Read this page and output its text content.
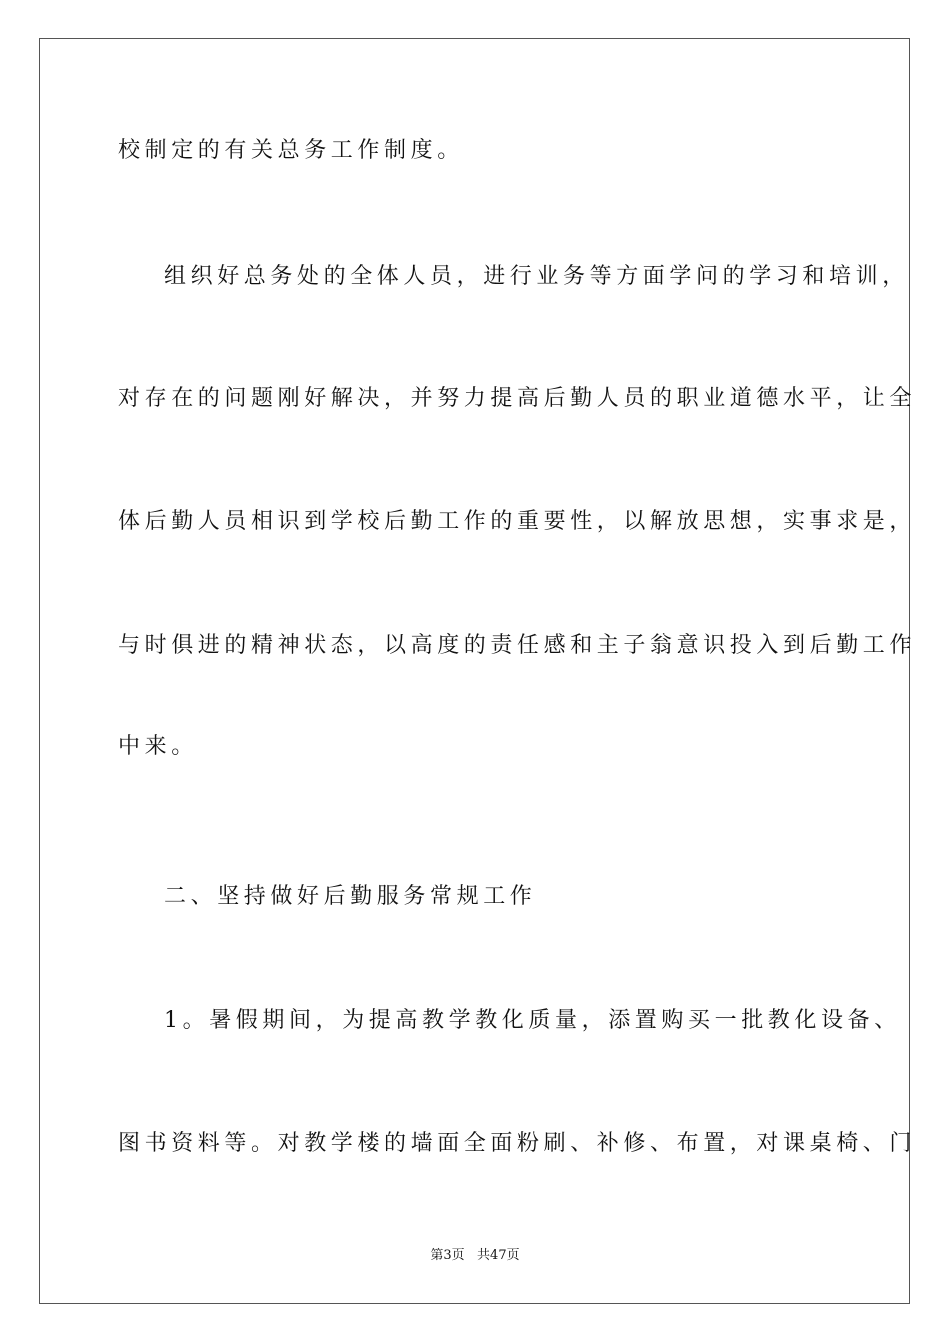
校制定的有关总务工作制度。
组织好总务处的全体人员，进行业务等方面学问的学习和培训，
对存在的问题刚好解决，并努力提高后勤人员的职业道德水平，让全
体后勤人员相识到学校后勤工作的重要性，以解放思想，实事求是，
与时俱进的精神状态，以高度的责任感和主子翁意识投入到后勤工作
中来。
二、坚持做好后勤服务常规工作
1。暑假期间，为提高教学教化质量，添置购买一批教化设备、
图书资料等。对教学楼的墙面全面粉刷、补修、布置，对课桌椅、门
第3页   共47页
